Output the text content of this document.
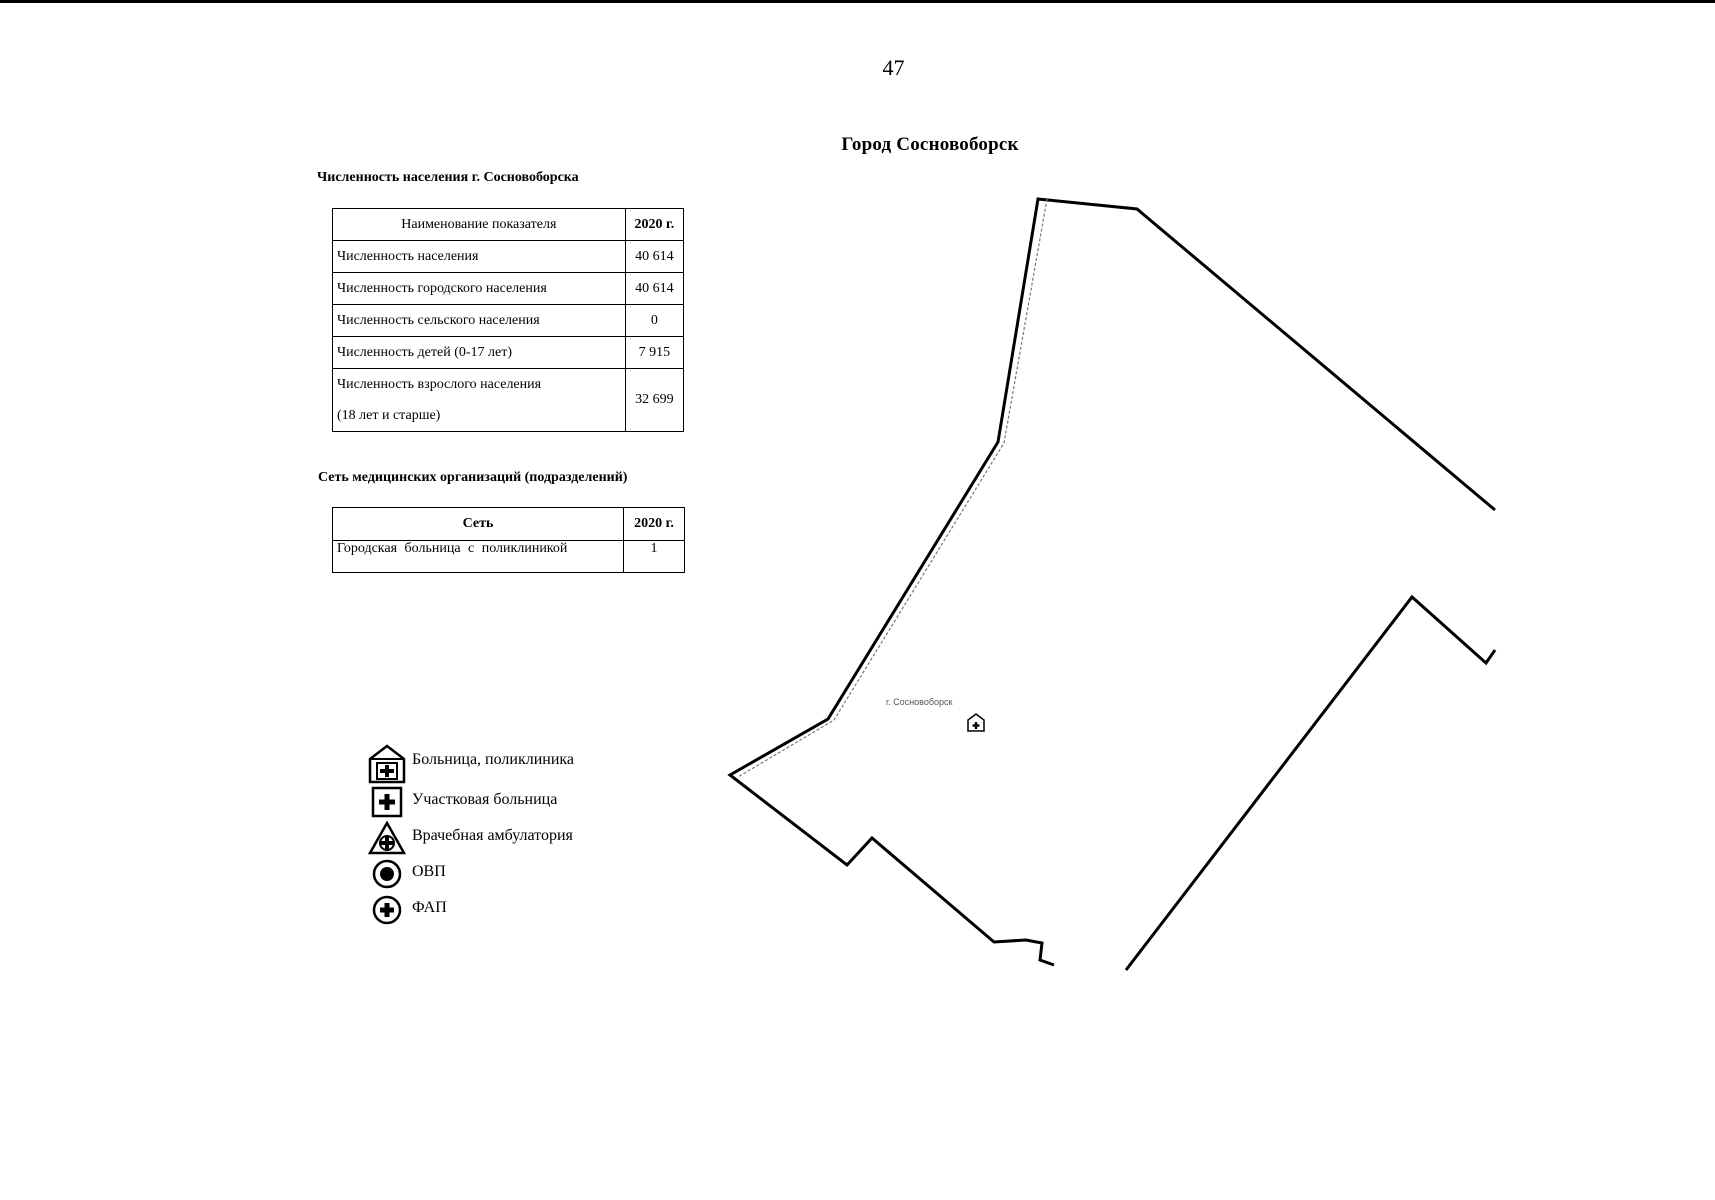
47
Город Сосновоборск
Численность населения г. Сосновоборска
Наименование показателя	2020 г.
Численность населения	40 614
Численность городского населения	40 614
Численность сельского населения	0
Численность детей (0-17 лет)	7 915

Численность взрослого населения
(18 лет и старше)	32 699
Сеть медицинских организаций (подразделений)
Сеть	2020 г.
Городская больница с поликлиникой	1
Больница, поликлиника
Участковая больница
Врачебная амбулатория
ОВП
ФАП
г. Сосновоборск
